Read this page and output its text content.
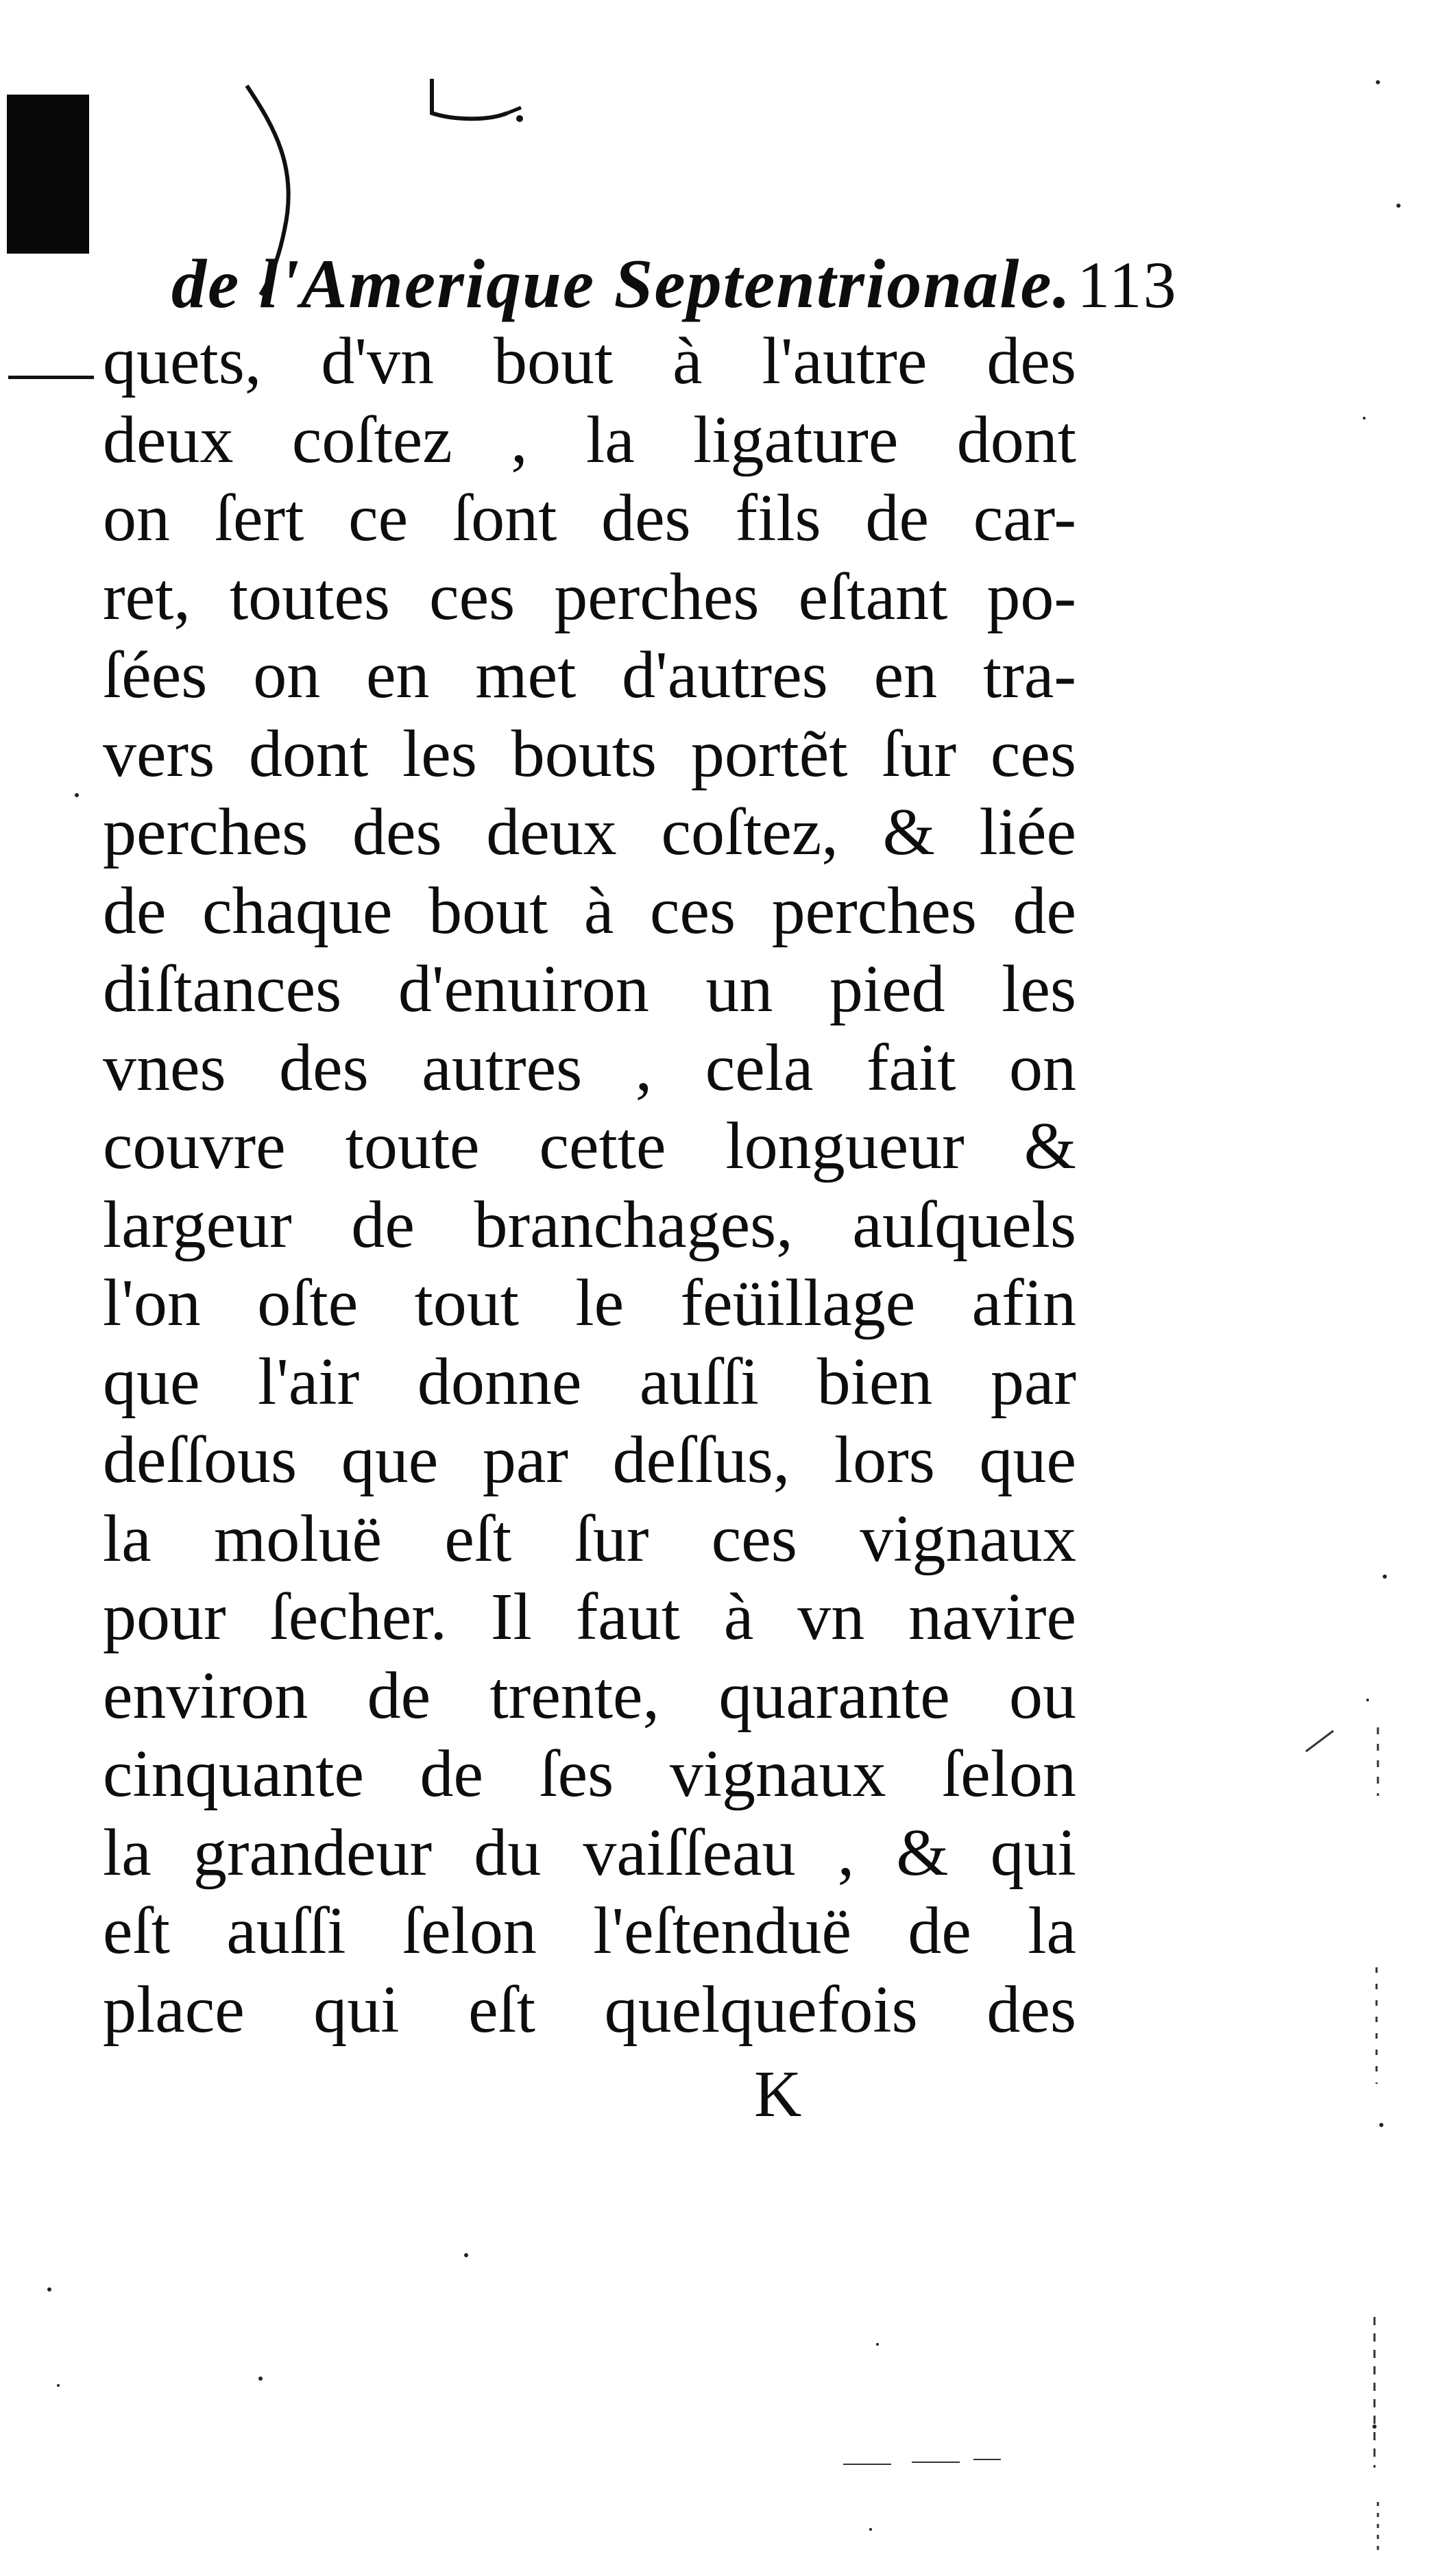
de l'Amerique Septentrionale. 113
quets, d'vn bout à l'autre des
deux coſtez , la ligature dont
on ſert ce ſont des fils de car-
ret, toutes ces perches eſtant po-
ſées on en met d'autres en tra-
vers dont les bouts portẽt ſur ces
perches des deux coſtez, & liée
de chaque bout à ces perches de
diſtances d'enuiron un pied les
vnes des autres , cela fait on
couvre toute cette longueur &
largeur de branchages, auſquels
l'on oſte tout le feüillage afin
que l'air donne auſſi bien par
deſſous que par deſſus, lors que
la moluë eſt ſur ces vignaux
pour ſecher. Il faut à vn navire
environ de trente, quarante ou
cinquante de ſes vignaux ſelon
la grandeur du vaiſſeau , & qui
eſt auſſi ſelon l'eſtenduë de la
place qui eſt quelquefois des
K
